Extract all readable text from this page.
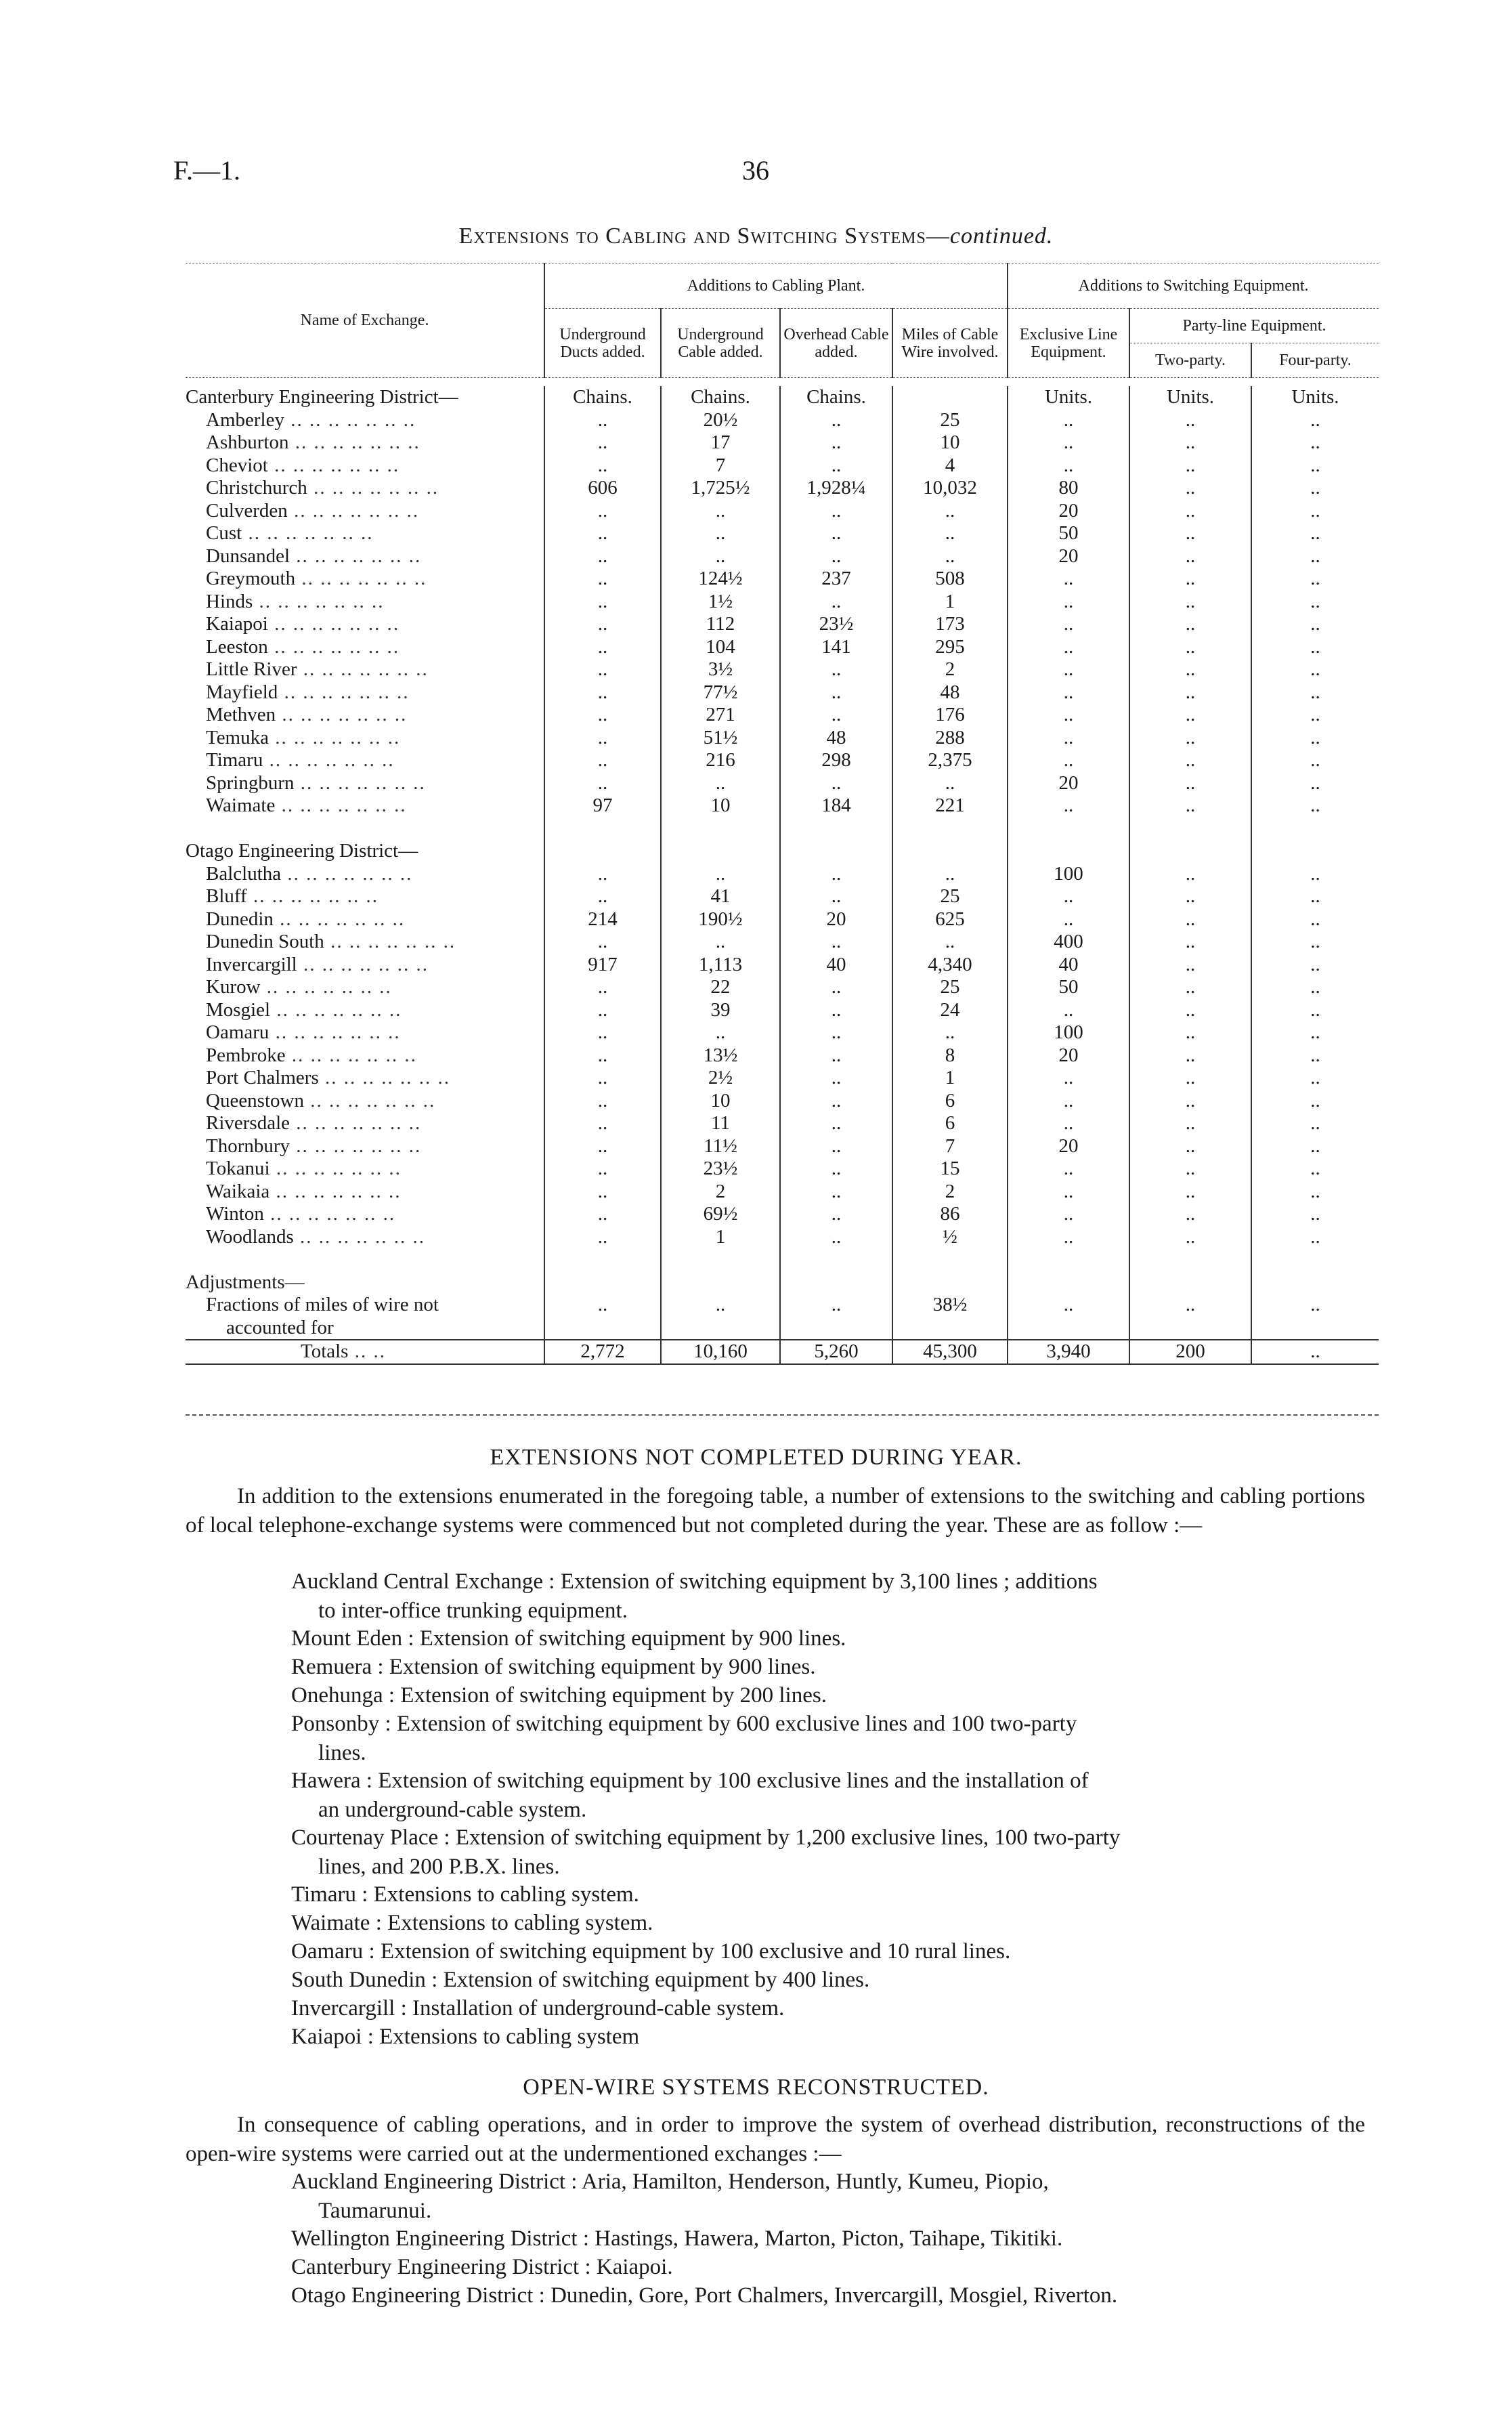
F.—1.	36
Extensions to Cabling and Switching Systems—continued.
Name of Exchange.	Additions to Cabling Plant.				Additions to Switching Equipment.		
	Underground Ducts added.	Underground Cable added.	Overhead Cable added.	Miles of Cable Wire involved.	Exclusive Line Equipment.	Party-line Equipment.	
						Two-party.	Four-party.

Canterbury Engineering District—	Chains.	Chains.	Chains.		Units.	Units.	Units.
Amberley .. .. .. .. .. .. ..	..	20½	..	25	..	..	..
Ashburton .. .. .. .. .. .. ..	..	17	..	10	..	..	..
Cheviot .. .. .. .. .. .. ..	..	7	..	4	..	..	..
Christchurch .. .. .. .. .. .. ..	606	1,725½	1,928¼	10,032	80	..	..
Culverden .. .. .. .. .. .. ..	..	..	..	..	20	..	..
Cust .. .. .. .. .. .. ..	..	..	..	..	50	..	..
Dunsandel .. .. .. .. .. .. ..	..	..	..	..	20	..	..
Greymouth .. .. .. .. .. .. ..	..	124½	237	508	..	..	..
Hinds .. .. .. .. .. .. ..	..	1½	..	1	..	..	..
Kaiapoi .. .. .. .. .. .. ..	..	112	23½	173	..	..	..
Leeston .. .. .. .. .. .. ..	..	104	141	295	..	..	..
Little River .. .. .. .. .. .. ..	..	3½	..	2	..	..	..
Mayfield .. .. .. .. .. .. ..	..	77½	..	48	..	..	..
Methven .. .. .. .. .. .. ..	..	271	..	176	..	..	..
Temuka .. .. .. .. .. .. ..	..	51½	48	288	..	..	..
Timaru .. .. .. .. .. .. ..	..	216	298	2,375	..	..	..
Springburn .. .. .. .. .. .. ..	..	..	..	..	20	..	..
Waimate .. .. .. .. .. .. ..	97	10	184	221	..	..	..

Otago Engineering District—							
Balclutha .. .. .. .. .. .. ..	..	..	..	..	100	..	..
Bluff .. .. .. .. .. .. ..	..	41	..	25	..	..	..
Dunedin .. .. .. .. .. .. ..	214	190½	20	625	..	..	..
Dunedin South .. .. .. .. .. .. ..	..	..	..	..	400	..	..
Invercargill .. .. .. .. .. .. ..	917	1,113	40	4,340	40	..	..
Kurow .. .. .. .. .. .. ..	..	22	..	25	50	..	..
Mosgiel .. .. .. .. .. .. ..	..	39	..	24	..	..	..
Oamaru .. .. .. .. .. .. ..	..	..	..	..	100	..	..
Pembroke .. .. .. .. .. .. ..	..	13½	..	8	20	..	..
Port Chalmers .. .. .. .. .. .. ..	..	2½	..	1	..	..	..
Queenstown .. .. .. .. .. .. ..	..	10	..	6	..	..	..
Riversdale .. .. .. .. .. .. ..	..	11	..	6	..	..	..
Thornbury .. .. .. .. .. .. ..	..	11½	..	7	20	..	..
Tokanui .. .. .. .. .. .. ..	..	23½	..	15	..	..	..
Waikaia .. .. .. .. .. .. ..	..	2	..	2	..	..	..
Winton .. .. .. .. .. .. ..	..	69½	..	86	..	..	..
Woodlands .. .. .. .. .. .. ..	..	1	..	½	..	..	..

Adjustments—							
Fractions of miles of wire not	..	..	..	38½	..	..	..
accounted for							
Totals .. ..	2,772	10,160	5,260	45,300	3,940	200	..
EXTENSIONS NOT COMPLETED DURING YEAR.
In addition to the extensions enumerated in the foregoing table, a number of extensions to the switching and cabling portions of local telephone-exchange systems were commenced but not completed during the year. These are as follow :—
Auckland Central Exchange : Extension of switching equipment by 3,100 lines ; additions
to inter-office trunking equipment.
Mount Eden : Extension of switching equipment by 900 lines.
Remuera : Extension of switching equipment by 900 lines.
Onehunga : Extension of switching equipment by 200 lines.
Ponsonby : Extension of switching equipment by 600 exclusive lines and 100 two-party
lines.
Hawera : Extension of switching equipment by 100 exclusive lines and the installation of
an underground-cable system.
Courtenay Place : Extension of switching equipment by 1,200 exclusive lines, 100 two-party
lines, and 200 P.B.X. lines.
Timaru : Extensions to cabling system.
Waimate : Extensions to cabling system.
Oamaru : Extension of switching equipment by 100 exclusive and 10 rural lines.
South Dunedin : Extension of switching equipment by 400 lines.
Invercargill : Installation of underground-cable system.
Kaiapoi : Extensions to cabling system
OPEN-WIRE SYSTEMS RECONSTRUCTED.
In consequence of cabling operations, and in order to improve the system of overhead distribution, reconstructions of the open-wire systems were carried out at the undermentioned exchanges :—
Auckland Engineering District : Aria, Hamilton, Henderson, Huntly, Kumeu, Piopio,
Taumarunui.
Wellington Engineering District : Hastings, Hawera, Marton, Picton, Taihape, Tikitiki.
Canterbury Engineering District : Kaiapoi.
Otago Engineering District : Dunedin, Gore, Port Chalmers, Invercargill, Mosgiel, Riverton.
